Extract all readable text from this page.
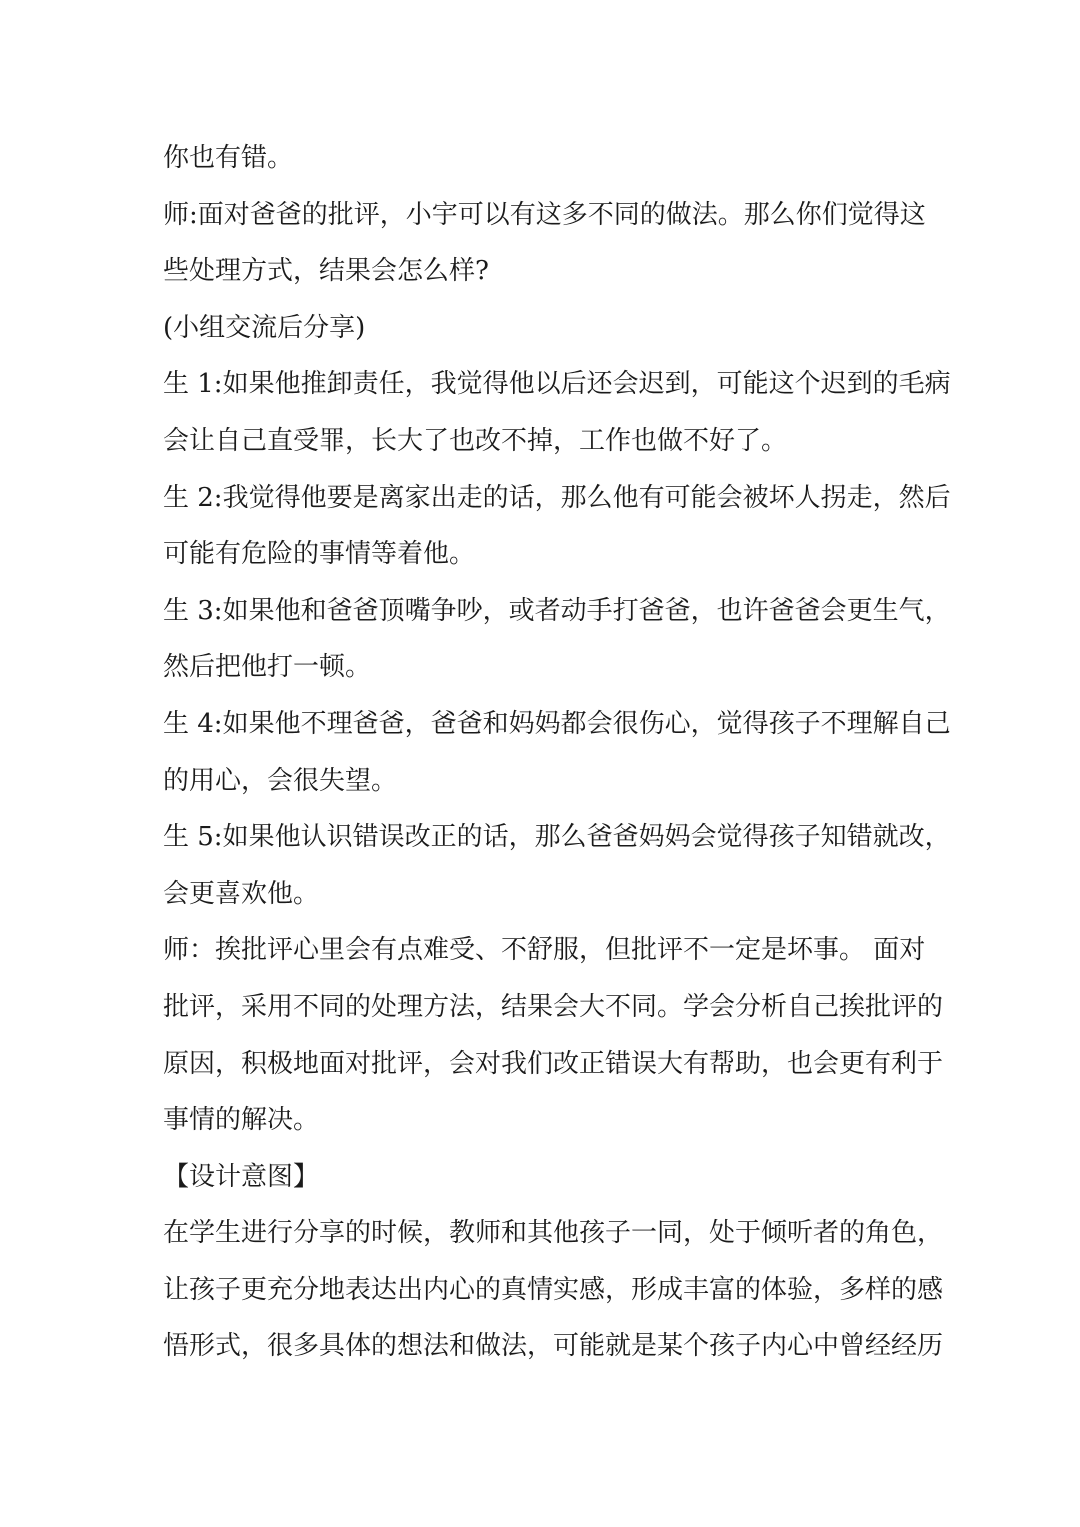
你也有错。
师:面对爸爸的批评，小宇可以有这多不同的做法。那么你们觉得这
些处理方式，结果会怎么样?
(小组交流后分享)
生 1:如果他推卸责任，我觉得他以后还会迟到，可能这个迟到的毛病
会让自己直受罪，长大了也改不掉，工作也做不好了。
生 2:我觉得他要是离家出走的话，那么他有可能会被坏人拐走，然后
可能有危险的事情等着他。
生 3:如果他和爸爸顶嘴争吵，或者动手打爸爸，也许爸爸会更生气，
然后把他打一顿。
生 4:如果他不理爸爸，爸爸和妈妈都会很伤心，觉得孩子不理解自己
的用心，会很失望。
生 5:如果他认识错误改正的话，那么爸爸妈妈会觉得孩子知错就改，
会更喜欢他。
师：挨批评心里会有点难受、不舒服，但批评不一定是坏事。 面对
批评，采用不同的处理方法，结果会大不同。学会分析自己挨批评的
原因，积极地面对批评，会对我们改正错误大有帮助，也会更有利于
事情的解决。
【设计意图】
在学生进行分享的时候，教师和其他孩子一同，处于倾听者的角色，
让孩子更充分地表达出内心的真情实感，形成丰富的体验，多样的感
悟形式，很多具体的想法和做法，可能就是某个孩子内心中曾经经历
